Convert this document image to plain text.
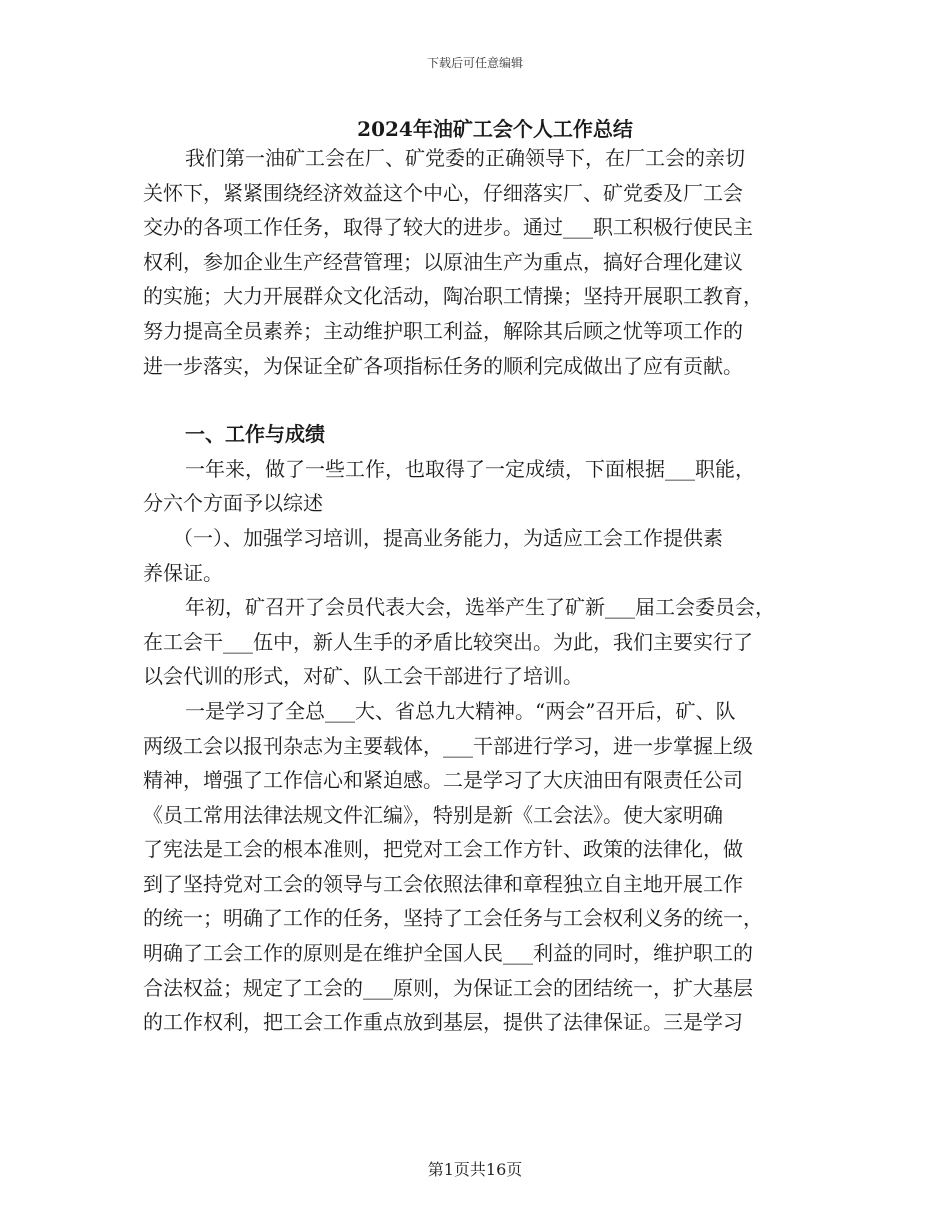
下载后可任意编辑
2024年油矿工会个人工作总结
我们第一油矿工会在厂、矿党委的正确领导下，在厂工会的亲切
关怀下，紧紧围绕经济效益这个中心，仔细落实厂、矿党委及厂工会
交办的各项工作任务，取得了较大的进步。通过___职工积极行使民主
权利，参加企业生产经营管理；以原油生产为重点，搞好合理化建议
的实施；大力开展群众文化活动，陶冶职工情操；坚持开展职工教育，
努力提高全员素养；主动维护职工利益，解除其后顾之忧等项工作的
进一步落实，为保证全矿各项指标任务的顺利完成做出了应有贡献。
一、工作与成绩
一年来，做了一些工作，也取得了一定成绩，下面根据___职能，
分六个方面予以综述
（一）、加强学习培训，提高业务能力，为适应工会工作提供素
养保证。
年初，矿召开了会员代表大会，选举产生了矿新___届工会委员会，
在工会干___伍中，新人生手的矛盾比较突出。为此，我们主要实行了
以会代训的形式，对矿、队工会干部进行了培训。
一是学习了全总___大、省总九大精神。“两会”召开后，矿、队
两级工会以报刊杂志为主要载体，___干部进行学习，进一步掌握上级
精神，增强了工作信心和紧迫感。二是学习了大庆油田有限责任公司
《员工常用法律法规文件汇编》，特别是新《工会法》。使大家明确
了宪法是工会的根本准则，把党对工会工作方针、政策的法律化，做
到了坚持党对工会的领导与工会依照法律和章程独立自主地开展工作
的统一；明确了工作的任务，坚持了工会任务与工会权利义务的统一，
明确了工会工作的原则是在维护全国人民___利益的同时，维护职工的
合法权益；规定了工会的___原则，为保证工会的团结统一，扩大基层
的工作权利，把工会工作重点放到基层，提供了法律保证。三是学习
第1页共16页
